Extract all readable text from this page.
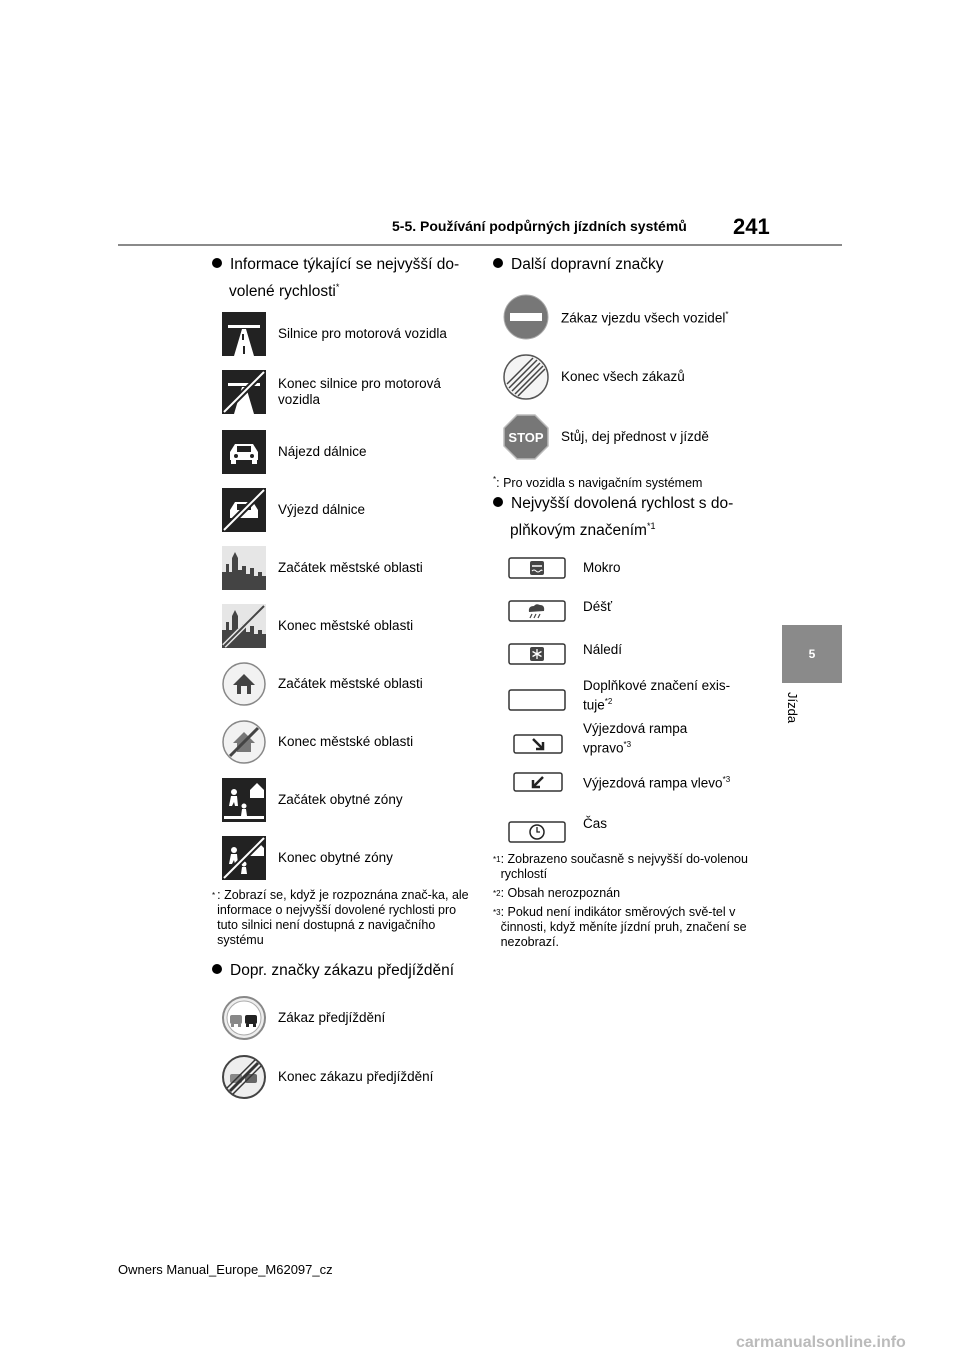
5-5. Používání podpůrných jízdních systémů 241
5
Jízda
Informace týkající se nejvyšší do-
volené rychlosti*
Silnice pro motorová vozidla
Konec silnice pro motorová vozidla
Nájezd dálnice
Výjezd dálnice
Začátek městské oblasti
Konec městské oblasti
Začátek městské oblasti
Konec městské oblasti
Začátek obytné zóny
Konec obytné zóny
* : Zobrazí se, když je rozpoznána znač-ka, ale informace o nejvyšší dovolené rychlosti pro tuto silnici není dostupná z navigačního systému
Dopr. značky zákazu předjíždění
Zákaz předjíždění
Konec zákazu předjíždění
Další dopravní značky
Zákaz vjezdu všech vozidel*
Konec všech zákazů
STOP Stůj, dej přednost v jízdě
*: Pro vozidla s navigačním systémem
Nejvyšší dovolená rychlost s do-
plňkovým značením$^{*1}$
Mokro
Déšť
Náledí
Doplňkové značení exis-tuje$^{*2}$
Výjezdová rampa vpravo$^{*3}$
Výjezdová rampa vlevo$^{*3}$
Čas
*1 : Zobrazeno současně s nejvyšší do-volenou rychlostí
*2 : Obsah nerozpoznán
*3 : Pokud není indikátor směrových svě-tel v činnosti, když měníte jízdní pruh, značení se nezobrazí.
Owners Manual_Europe_M62097_cz
carmanualsonline.info
